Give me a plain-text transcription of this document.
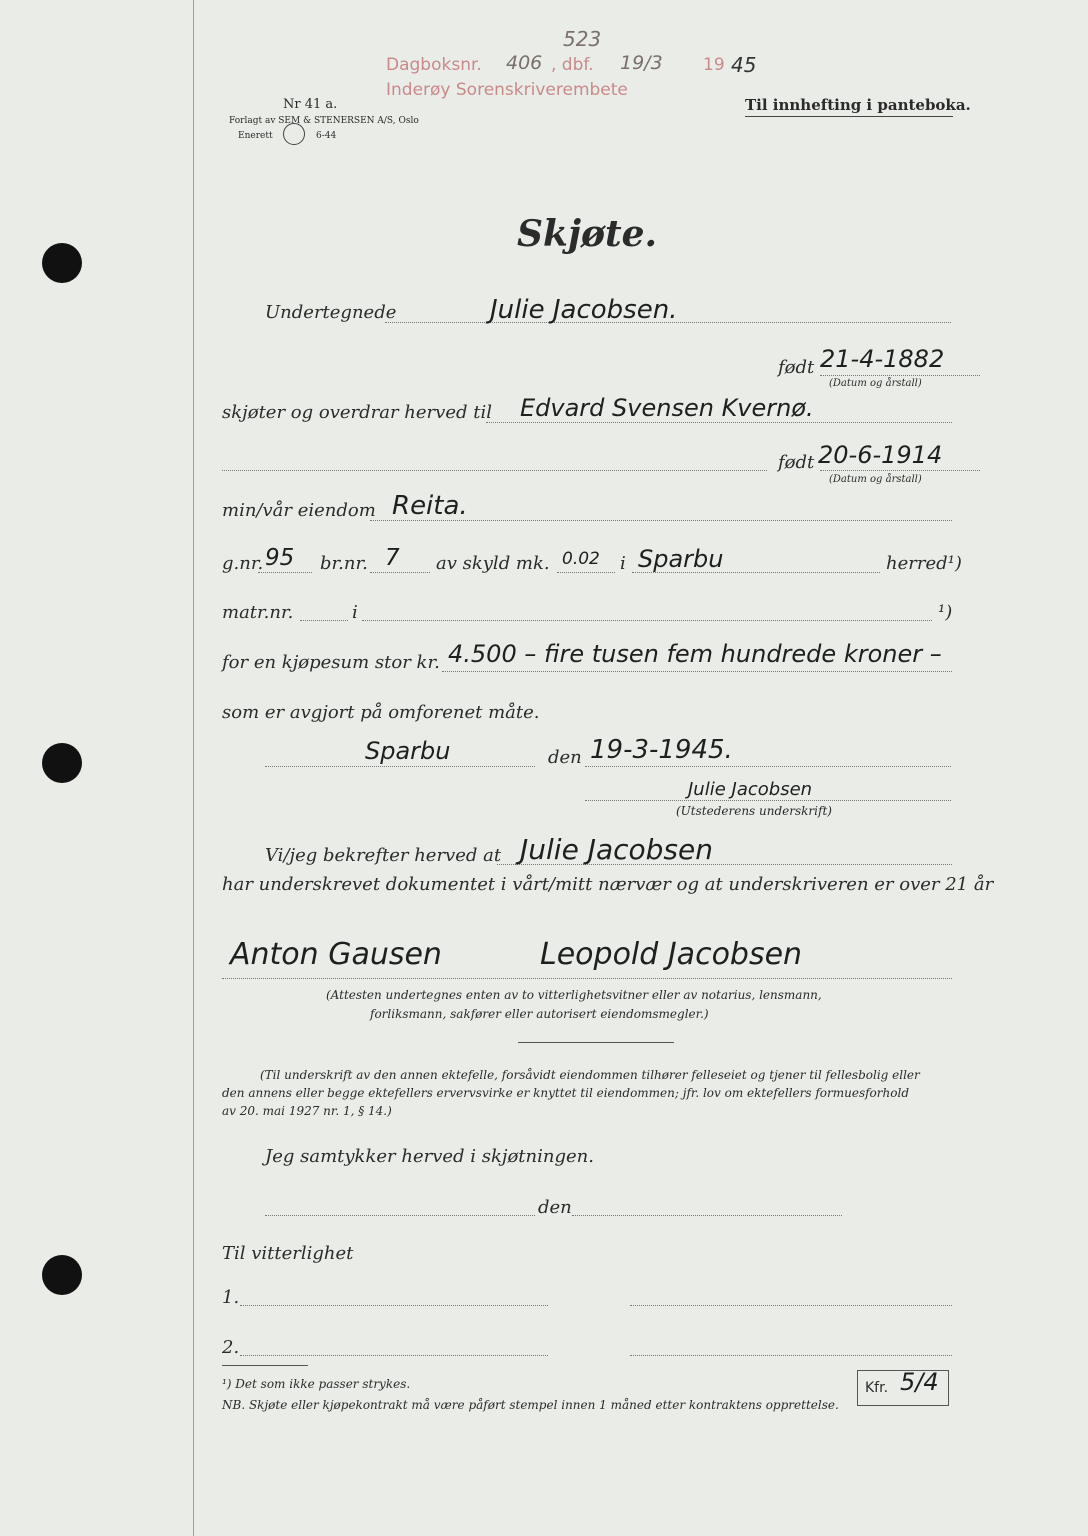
Dagboksnr. 406 , dbf. 19/3 19 45
523
Inderøy Sorenskriverembete
Nr 41 a.
Forlagt av SEM & STENERSEN A/S, Oslo
Enerett	6-44
Til innhefting i panteboka.
Skjøte.
Undertegnede	Julie Jacobsen.
født 21-4-1882
(Datum og årstall)
skjøter og overdrar herved til Edvard Svensen Kvernø.
født 20-6-1914
(Datum og årstall)
min/vår eiendom Reita.
g.nr. 95 br.nr. 7 av skyld mk. 0.02 i Sparbu	herred¹)
matr.nr.	i	¹)
for en kjøpesum stor kr. 4.500 – fire tusen fem hundrede kroner –
som er avgjort på omforenet måte.
Sparbu	den 19-3-1945.
Julie Jacobsen
(Utstederens underskrift)
Vi/jeg bekrefter herved at Julie Jacobsen
har underskrevet dokumentet i vårt/mitt nærvær og at underskriveren er over 21 år
Anton Gausen	Leopold Jacobsen
(Attesten undertegnes enten av to vitterlighetsvitner eller av notarius, lensmann,
forliksmann, sakfører eller autorisert eiendomsmegler.)
(Til underskrift av den annen ektefelle, forsåvidt eiendommen tilhører felleseiet og tjener til fellesbolig eller
den annens eller begge ektefellers ervervsvirke er knyttet til eiendommen; jfr. lov om ektefellers formuesforhold
av 20. mai 1927 nr. 1, § 14.)
Jeg samtykker herved i skjøtningen.
den
Til vitterlighet
1.
2.
¹) Det som ikke passer strykes.
NB. Skjøte eller kjøpekontrakt må være påført stempel innen 1 måned etter kontraktens opprettelse.
Kfr. 5/4
